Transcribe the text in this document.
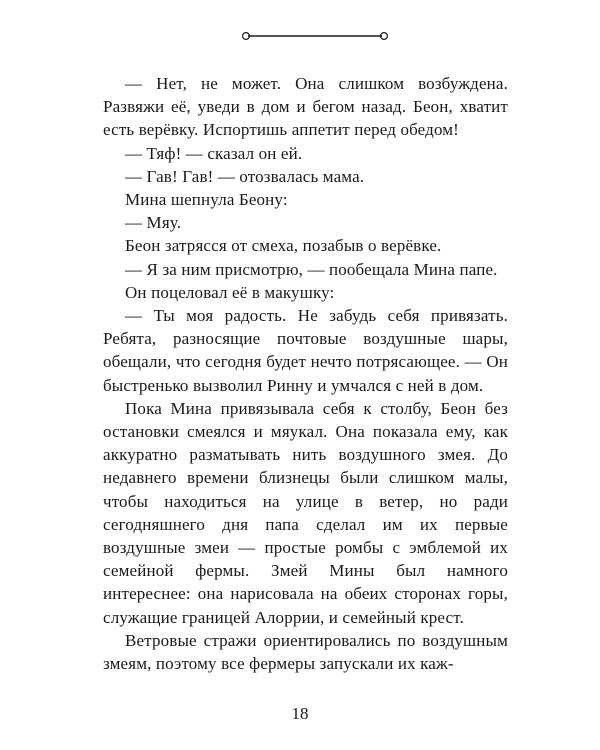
— Нет, не может. Она слишком возбуждена. Развяжи её, уведи в дом и бегом назад. Беон, хватит есть верёвку. Испортишь аппетит перед обедом!

— Тяф! — сказал он ей.

— Гав! Гав! — отозвалась мама.

Мина шепнула Беону:

— Мяу.

Беон затрясся от смеха, позабыв о верёвке.

— Я за ним присмотрю, — пообещала Мина папе.

Он поцеловал её в макушку:

— Ты моя радость. Не забудь себя привязать. Ребята, разносящие почтовые воздушные шары, обещали, что сегодня будет нечто потрясающее. — Он быстренько вызволил Ринну и умчался с ней в дом.

Пока Мина привязывала себя к столбу, Беон без остановки смеялся и мяукал. Она показала ему, как аккуратно разматывать нить воздушного змея. До недавнего времени близнецы были слишком малы, чтобы находиться на улице в ветер, но ради сегодняшнего дня папа сделал им их первые воздушные змеи — простые ромбы с эмблемой их семейной фермы. Змей Мины был намного интереснее: она нарисовала на обеих сторонах горы, служащие границей Алоррии, и семейный крест.

Ветровые стражи ориентировались по воздушным змеям, поэтому все фермеры запускали их каж-

18
